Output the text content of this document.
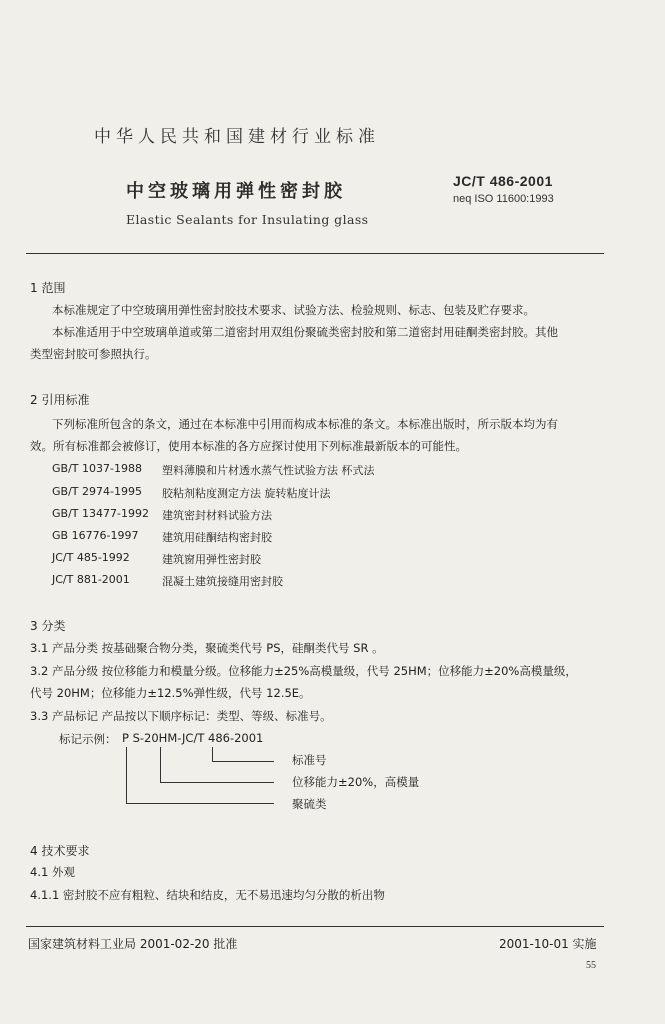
中华人民共和国建材行业标准
中空玻璃用弹性密封胶
Elastic Sealants for Insulating glass
JC/T 486-2001
neq ISO 11600:1993
1 范围
本标准规定了中空玻璃用弹性密封胶技术要求、试验方法、检验规则、标志、包装及贮存要求。
本标准适用于中空玻璃单道或第二道密封用双组份聚硫类密封胶和第二道密封用硅酮类密封胶。其他
类型密封胶可参照执行。
2 引用标准
下列标准所包含的条文，通过在本标准中引用而构成本标准的条文。本标准出版时，所示版本均为有
效。所有标准都会被修订，使用本标准的各方应探讨使用下列标准最新版本的可能性。
GB/T 1037-1988 塑料薄膜和片材透水蒸气性试验方法 杯式法
GB/T 2974-1995 胶粘剂粘度测定方法 旋转粘度计法
GB/T 13477-1992 建筑密封材料试验方法
GB 16776-1997 建筑用硅酮结构密封胶
JC/T 485-1992	建筑窗用弹性密封胶
JC/T 881-2001	混凝土建筑接缝用密封胶
3 分类
3.1 产品分类 按基础聚合物分类，聚硫类代号 PS，硅酮类代号 SR 。
3.2 产品分级 按位移能力和模量分级。位移能力±25%高模量级，代号 25HM；位移能力±20%高模量级，
代号 20HM；位移能力±12.5%弹性级，代号 12.5E。
3.3 产品标记 产品按以下顺序标记：类型、等级、标准号。
标记示例： P S-20HM-JC/T 486-2001
标准号
位移能力±20%，高模量
聚硫类
4 技术要求
4.1 外观
4.1.1 密封胶不应有粗粒、结块和结皮，无不易迅速均匀分散的析出物
国家建筑材料工业局 2001-02-20 批准	2001-10-01 实施
55
